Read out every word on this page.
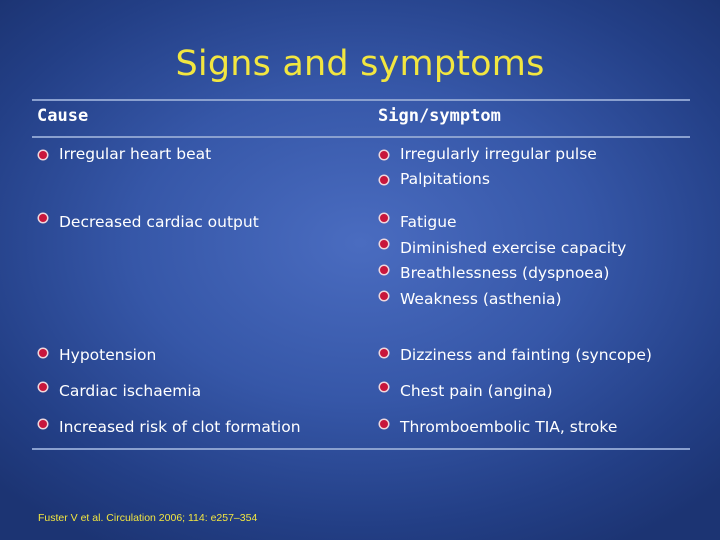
Signs and symptoms
Cause	Sign/symptom
Irregular heart beat	Irregularly irregular pulse
Palpitations
Decreased cardiac output	Fatigue
Diminished exercise capacity
Breathlessness (dyspnoea)
Weakness (asthenia)
Hypotension	Dizziness and fainting (syncope)
Cardiac ischaemia	Chest pain (angina)
Increased risk of clot formation	Thromboembolic TIA, stroke
Fuster V et al. Circulation 2006; 114: e257–354
